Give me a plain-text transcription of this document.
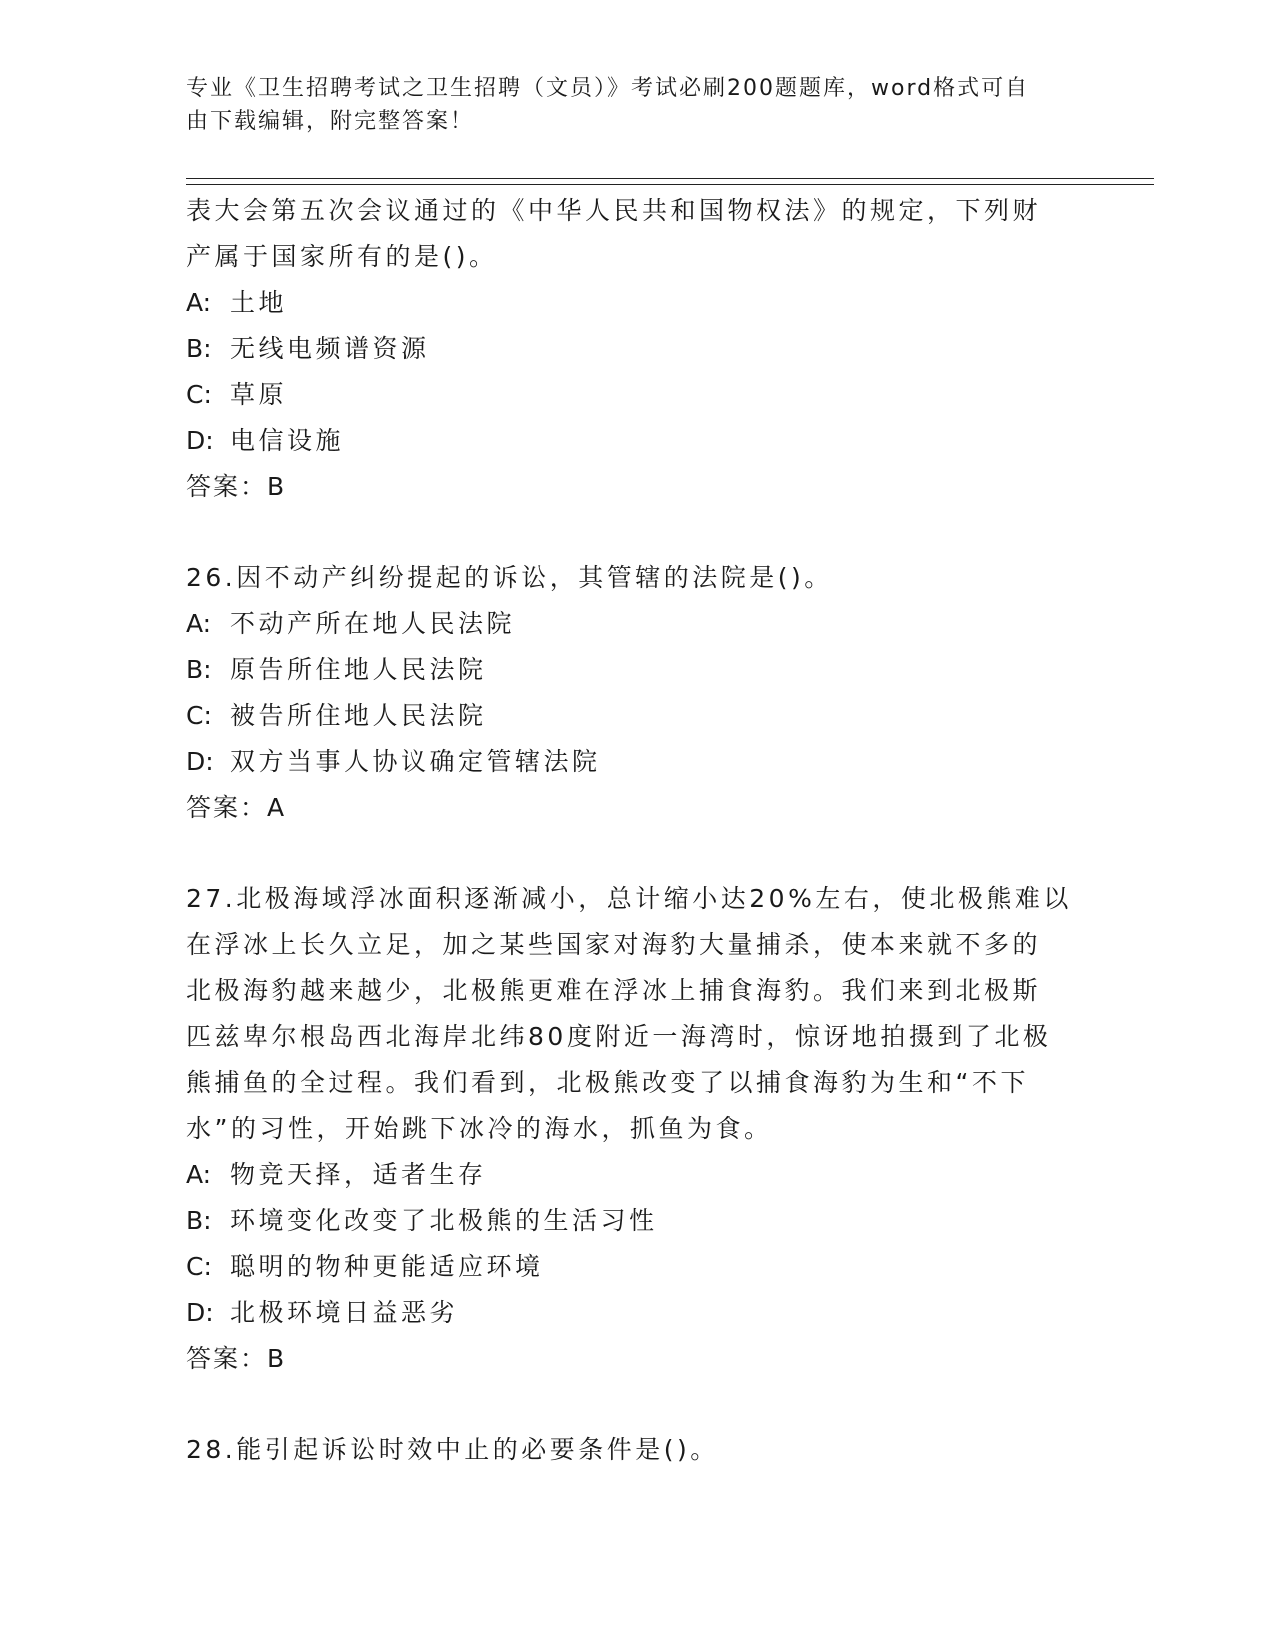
专业《卫生招聘考试之卫生招聘（文员）》考试必刷200题题库，word格式可自
由下载编辑，附完整答案！
表大会第五次会议通过的《中华人民共和国物权法》的规定，下列财
产属于国家所有的是()。
A: 土地
B: 无线电频谱资源
C: 草原
D: 电信设施
答案：B
26.因不动产纠纷提起的诉讼，其管辖的法院是()。
A: 不动产所在地人民法院
B: 原告所住地人民法院
C: 被告所住地人民法院
D: 双方当事人协议确定管辖法院
答案：A
27.北极海域浮冰面积逐渐减小，总计缩小达20%左右，使北极熊难以
在浮冰上长久立足，加之某些国家对海豹大量捕杀，使本来就不多的
北极海豹越来越少，北极熊更难在浮冰上捕食海豹。我们来到北极斯
匹兹卑尔根岛西北海岸北纬80度附近一海湾时，惊讶地拍摄到了北极
熊捕鱼的全过程。我们看到，北极熊改变了以捕食海豹为生和“不下
水”的习性，开始跳下冰冷的海水，抓鱼为食。
A: 物竞天择，适者生存
B: 环境变化改变了北极熊的生活习性
C: 聪明的物种更能适应环境
D: 北极环境日益恶劣
答案：B
28.能引起诉讼时效中止的必要条件是()。
